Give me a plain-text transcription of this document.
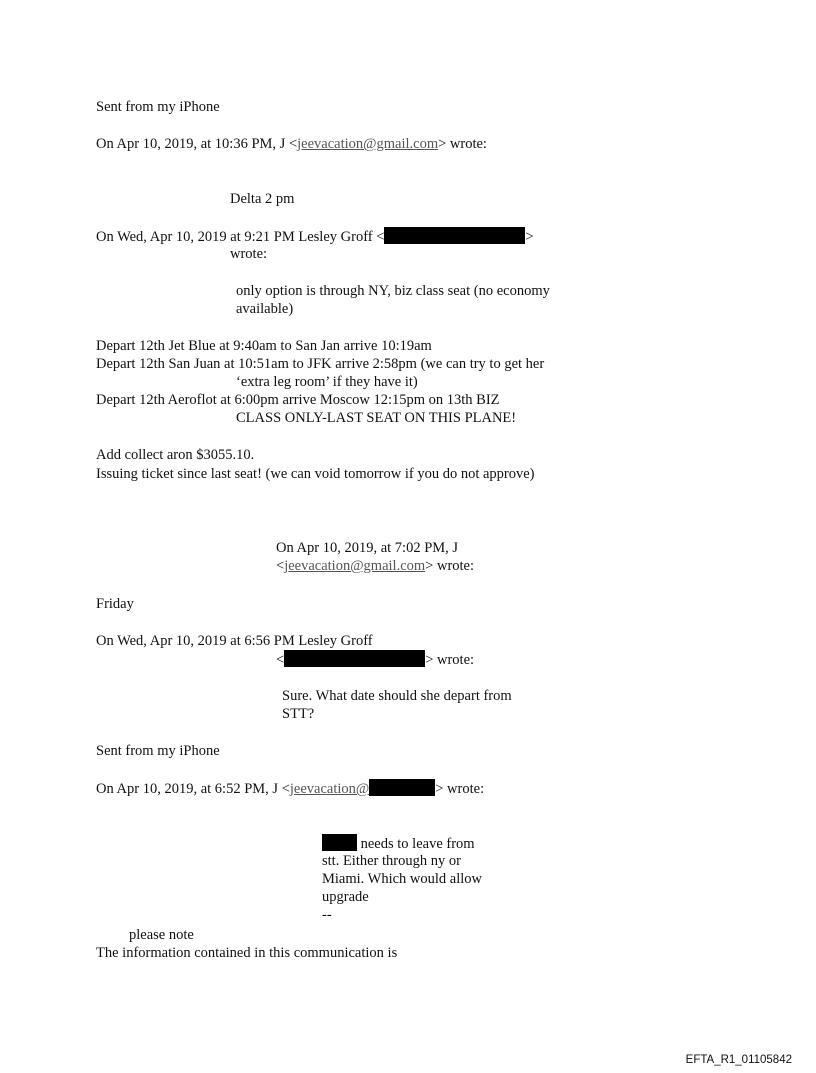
Sent from my iPhone
On Apr 10, 2019, at 10:36 PM, J <jeevacation@gmail.com> wrote:
Delta 2 pm
On Wed, Apr 10, 2019 at 9:21 PM Lesley Groff <	>
wrote:
only option is through NY, biz class seat (no economy
available)
Depart 12th Jet Blue at 9:40am to San Jan arrive 10:19am
Depart 12th San Juan at 10:51am to JFK arrive 2:58pm (we can try to get her
‘extra leg room’ if they have it)
Depart 12th Aeroflot at 6:00pm arrive Moscow 12:15pm on 13th BIZ
CLASS ONLY-LAST SEAT ON THIS PLANE!
Add collect aron $3055.10.
Issuing ticket since last seat! (we can void tomorrow if you do not approve)
On Apr 10, 2019, at 7:02 PM, J
<jeevacation@gmail.com> wrote:
Friday
On Wed, Apr 10, 2019 at 6:56 PM Lesley Groff
<	> wrote:
Sure. What date should she depart from
STT?
Sent from my iPhone
On Apr 10, 2019, at 6:52 PM, J <jeevacation@	> wrote:
needs to leave from
stt. Either through ny or
Miami. Which would allow
upgrade
--
please note
The information contained in this communication is
EFTA_R1_01105842
